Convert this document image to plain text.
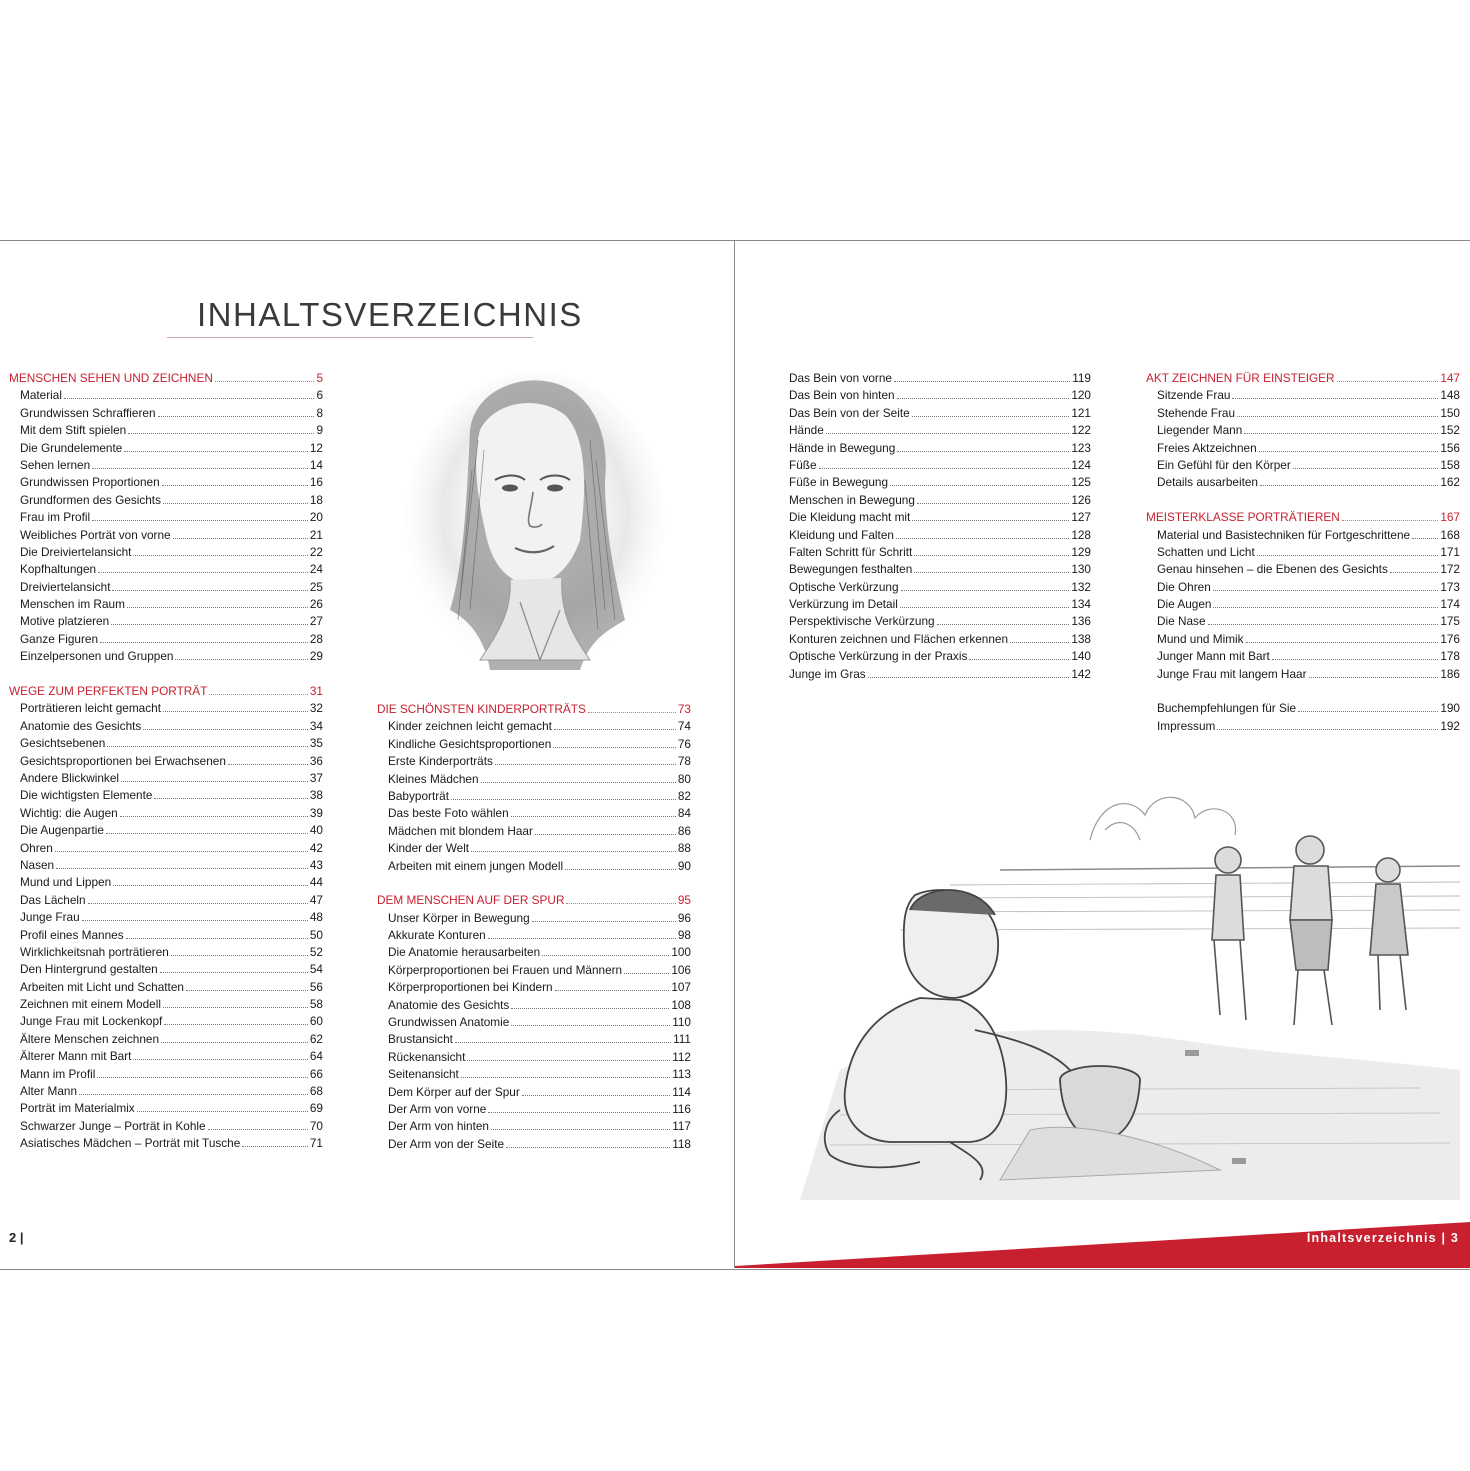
INHALTSVERZEICHNIS
MENSCHEN SEHEN UND ZEICHNEN	5
Material	6
Grundwissen Schraffieren	8
Mit dem Stift spielen	9
Die Grundelemente	12
Sehen lernen	14
Grundwissen Proportionen	16
Grundformen des Gesichts	18
Frau im Profil	20
Weibliches Porträt von vorne	21
Die Dreiviertelansicht	22
Kopfhaltungen	24
Dreiviertelansicht	25
Menschen im Raum	26
Motive platzieren	27
Ganze Figuren	28
Einzelpersonen und Gruppen	29
WEGE ZUM PERFEKTEN PORTRÄT	31
Porträtieren leicht gemacht	32
Anatomie des Gesichts	34
Gesichtsebenen	35
Gesichtsproportionen bei Erwachsenen	36
Andere Blickwinkel	37
Die wichtigsten Elemente	38
Wichtig: die Augen	39
Die Augenpartie	40
Ohren	42
Nasen	43
Mund und Lippen	44
Das Lächeln	47
Junge Frau	48
Profil eines Mannes	50
Wirklichkeitsnah porträtieren	52
Den Hintergrund gestalten	54
Arbeiten mit Licht und Schatten	56
Zeichnen mit einem Modell	58
Junge Frau mit Lockenkopf	60
Ältere Menschen zeichnen	62
Älterer Mann mit Bart	64
Mann im Profil	66
Alter Mann	68
Porträt im Materialmix	69
Schwarzer Junge – Porträt in Kohle	70
Asiatisches Mädchen – Porträt mit Tusche	71
DIE SCHÖNSTEN KINDERPORTRÄTS	73
Kinder zeichnen leicht gemacht	74
Kindliche Gesichtsproportionen	76
Erste Kinderporträts	78
Kleines Mädchen	80
Babyporträt	82
Das beste Foto wählen	84
Mädchen mit blondem Haar	86
Kinder der Welt	88
Arbeiten mit einem jungen Modell	90
DEM MENSCHEN AUF DER SPUR	95
Unser Körper in Bewegung	96
Akkurate Konturen	98
Die Anatomie herausarbeiten	100
Körperproportionen bei Frauen und Männern	106
Körperproportionen bei Kindern	107
Anatomie des Gesichts	108
Grundwissen Anatomie	110
Brustansicht	111
Rückenansicht	112
Seitenansicht	113
Dem Körper auf der Spur	114
Der Arm von vorne	116
Der Arm von hinten	117
Der Arm von der Seite	118
Das Bein von vorne	119
Das Bein von hinten	120
Das Bein von der Seite	121
Hände	122
Hände in Bewegung	123
Füße	124
Füße in Bewegung	125
Menschen in Bewegung	126
Die Kleidung macht mit	127
Kleidung und Falten	128
Falten Schritt für Schritt	129
Bewegungen festhalten	130
Optische Verkürzung	132
Verkürzung im Detail	134
Perspektivische Verkürzung	136
Konturen zeichnen und Flächen erkennen	138
Optische Verkürzung in der Praxis	140
Junge im Gras	142
AKT ZEICHNEN FÜR EINSTEIGER	147
Sitzende Frau	148
Stehende Frau	150
Liegender Mann	152
Freies Aktzeichnen	156
Ein Gefühl für den Körper	158
Details ausarbeiten	162
MEISTERKLASSE PORTRÄTIEREN	167
Material und Basistechniken für Fortgeschrittene	168
Schatten und Licht	171
Genau hinsehen – die Ebenen des Gesichts	172
Die Ohren	173
Die Augen	174
Die Nase	175
Mund und Mimik	176
Junger Mann mit Bart	178
Junge Frau mit langem Haar	186
Buchempfehlungen für Sie	190
Impressum	192
2 |	Inhaltsverzeichnis | 3
